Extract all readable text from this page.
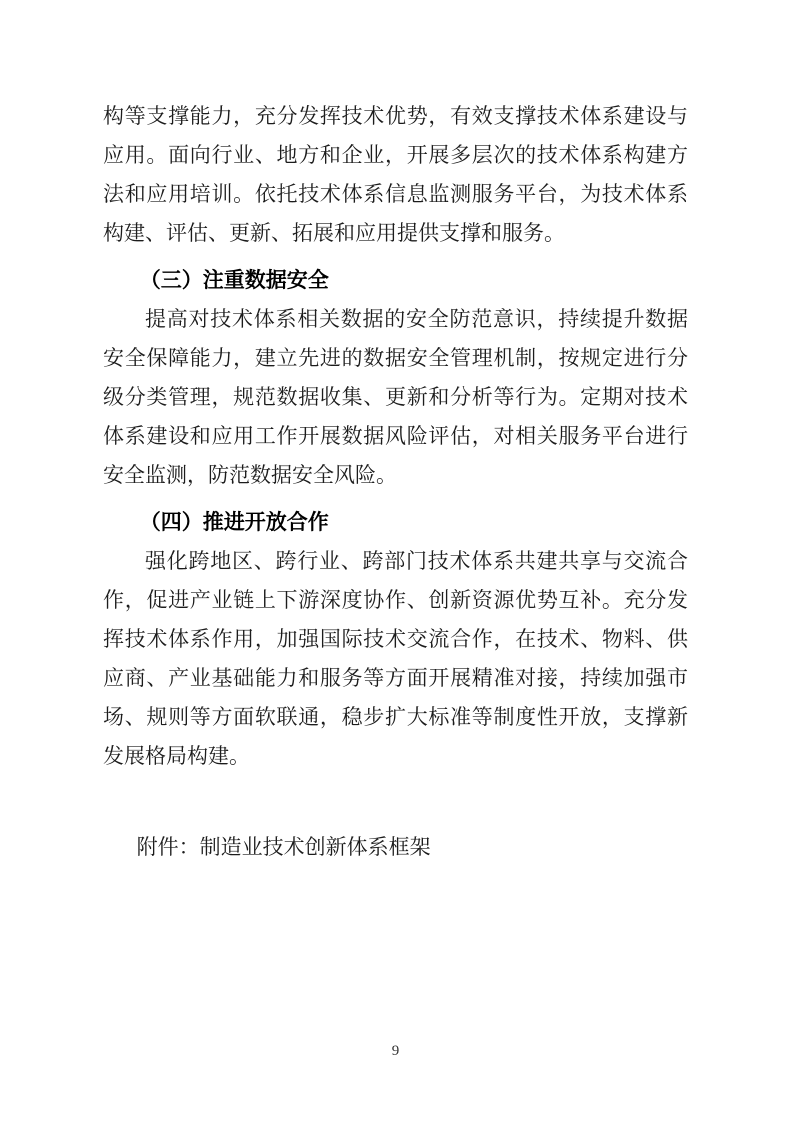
构等支撑能力，充分发挥技术优势，有效支撑技术体系建设与
应用。面向行业、地方和企业，开展多层次的技术体系构建方
法和应用培训。依托技术体系信息监测服务平台，为技术体系
构建、评估、更新、拓展和应用提供支撑和服务。
（三）注重数据安全
提高对技术体系相关数据的安全防范意识，持续提升数据
安全保障能力，建立先进的数据安全管理机制，按规定进行分
级分类管理，规范数据收集、更新和分析等行为。定期对技术
体系建设和应用工作开展数据风险评估，对相关服务平台进行
安全监测，防范数据安全风险。
（四）推进开放合作
强化跨地区、跨行业、跨部门技术体系共建共享与交流合
作，促进产业链上下游深度协作、创新资源优势互补。充分发
挥技术体系作用，加强国际技术交流合作，在技术、物料、供
应商、产业基础能力和服务等方面开展精准对接，持续加强市
场、规则等方面软联通，稳步扩大标准等制度性开放，支撑新
发展格局构建。
附件：制造业技术创新体系框架
9
